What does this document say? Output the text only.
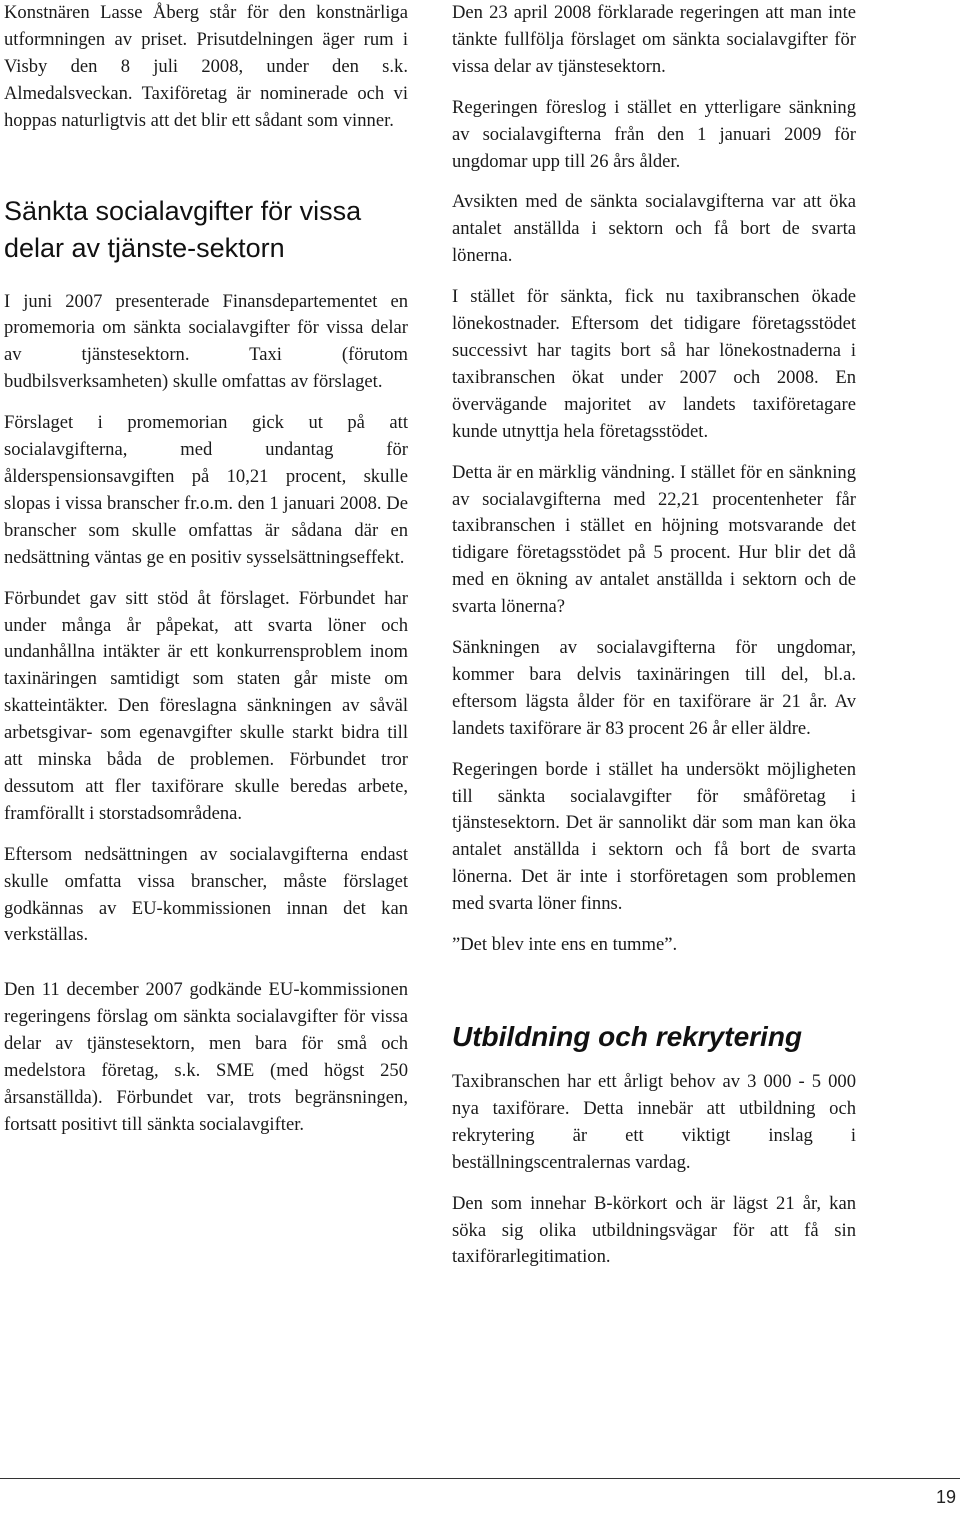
Konstnären Lasse Åberg står för den konstnärliga utformningen av priset. Prisutdelningen äger rum i Visby den 8 juli 2008, under den s.k. Almedalsveckan. Taxiföretag är nominerade och vi hoppas naturligtvis att det blir ett sådant som vinner.

Sänkta socialavgifter för vissa delar av tjänste-sektorn

I juni 2007 presenterade Finansdepartementet en promemoria om sänkta socialavgifter för vissa delar av tjänstesektorn. Taxi (förutom budbilsverksamheten) skulle omfattas av förslaget.

Förslaget i promemorian gick ut på att socialavgifterna, med undantag för ålderspensionsavgiften på 10,21 procent, skulle slopas i vissa branscher fr.o.m. den 1 januari 2008. De branscher som skulle omfattas är sådana där en nedsättning väntas ge en positiv sysselsättningseffekt.

Förbundet gav sitt stöd åt förslaget. Förbundet har under många år påpekat, att svarta löner och undanhållna intäkter är ett konkurrensproblem inom taxinäringen samtidigt som staten går miste om skatteintäkter. Den föreslagna sänkningen av såväl arbetsgivar- som egenavgifter skulle starkt bidra till att minska båda de problemen. Förbundet tror dessutom att fler taxiförare skulle beredas arbete, framförallt i storstadsområdena.

Eftersom nedsättningen av socialavgifterna endast skulle omfatta vissa branscher, måste förslaget godkännas av EU-kommissionen innan det kan verkställas.

Den 11 december 2007 godkände EU-kommissionen regeringens förslag om sänkta socialavgifter för vissa delar av tjänstesektorn, men bara för små och medelstora företag, s.k. SME (med högst 250 årsanställda). Förbundet var, trots begränsningen, fortsatt positivt till sänkta socialavgifter.

Den 23 april 2008 förklarade regeringen att man inte tänkte fullfölja förslaget om sänkta socialavgifter för vissa delar av tjänstesektorn.

Regeringen föreslog i stället en ytterligare sänkning av socialavgifterna från den 1 januari 2009 för ungdomar upp till 26 års ålder.

Avsikten med de sänkta socialavgifterna var att öka antalet anställda i sektorn och få bort de svarta lönerna.

I stället för sänkta, fick nu taxibranschen ökade lönekostnader. Eftersom det tidigare företagsstödet successivt har tagits bort så har lönekostnaderna i taxibranschen ökat under 2007 och 2008. En övervägande majoritet av landets taxiföretagare kunde utnyttja hela företagsstödet.

Detta är en märklig vändning. I stället för en sänkning av socialavgifterna med 22,21 procentenheter får taxibranschen i stället en höjning motsvarande det tidigare företagsstödet på 5 procent. Hur blir det då med en ökning av antalet anställda i sektorn och de svarta lönerna?

Sänkningen av socialavgifterna för ungdomar, kommer bara delvis taxinäringen till del, bl.a. eftersom lägsta ålder för en taxiförare är 21 år. Av landets taxiförare är 83 procent 26 år eller äldre.

Regeringen borde i stället ha undersökt möjligheten till sänkta socialavgifter för småföretag i tjänstesektorn. Det är sannolikt där som man kan öka antalet anställda i sektorn och få bort de svarta lönerna. Det är inte i storföretagen som problemen med svarta löner finns.

”Det blev inte ens en tumme”.

Utbildning och rekrytering

Taxibranschen har ett årligt behov av 3 000 - 5 000 nya taxiförare. Detta innebär att utbildning och rekrytering är ett viktigt inslag i beställningscentralernas vardag.

Den som innehar B-körkort och är lägst 21 år, kan söka sig olika utbildningsvägar för att få sin taxiförarlegitimation.

19
